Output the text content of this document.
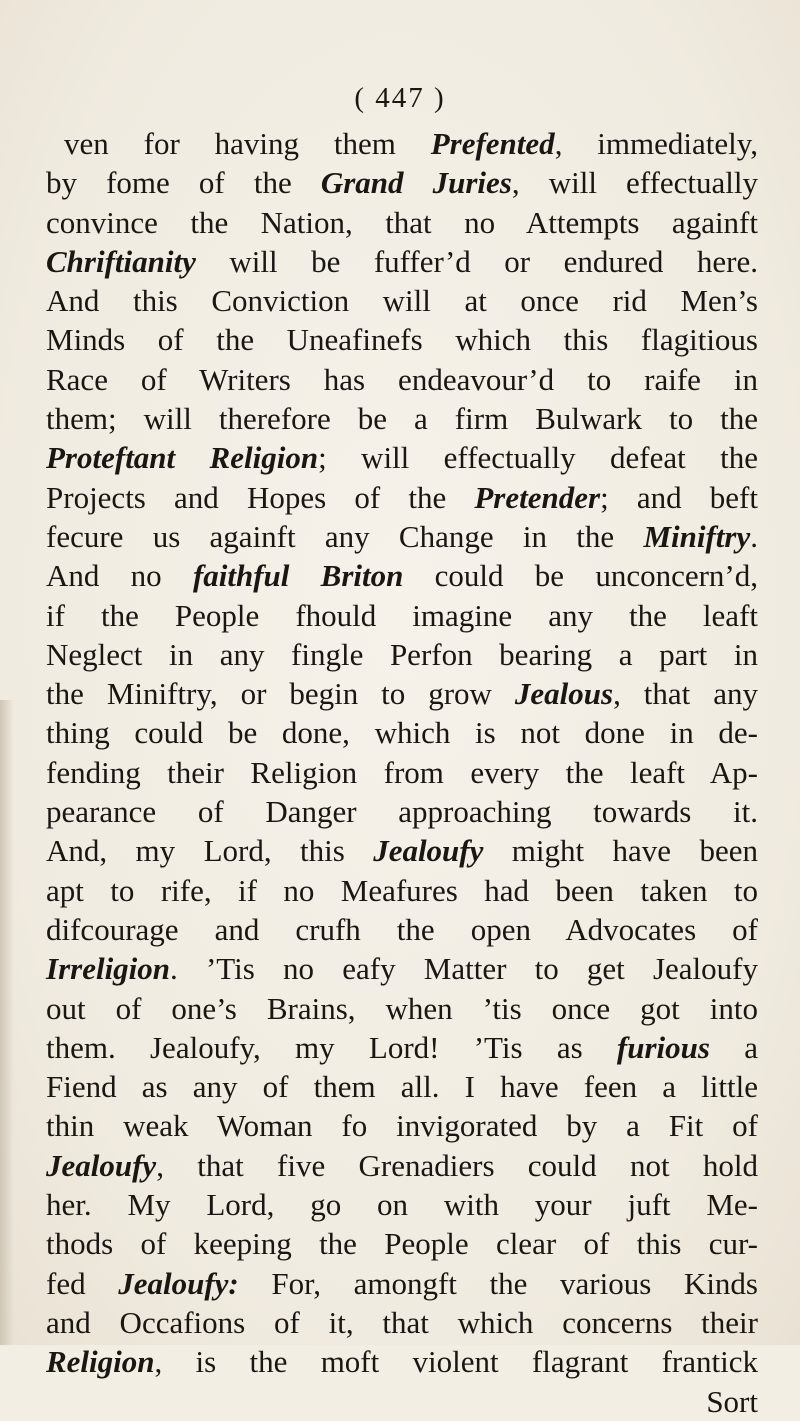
( 447 )
ven for having them Prefented, immediately,
by fome of the Grand Juries, will effectually
convince the Nation, that no Attempts againft
Chriftianity will be fuffer’d or endured here.
And this Conviction will at once rid Men’s
Minds of the Uneafinefs which this flagitious
Race of Writers has endeavour’d to raife in
them; will therefore be a firm Bulwark to the
Proteftant Religion; will effectually defeat the
Projects and Hopes of the Pretender; and beft
fecure us againft any Change in the Miniftry.
And no faithful Briton could be unconcern’d,
if the People fhould imagine any the leaft
Neglect in any fingle Perfon bearing a part in
the Miniftry, or begin to grow Jealous, that any
thing could be done, which is not done in de-
fending their Religion from every the leaft Ap-
pearance of Danger approaching towards it.
And, my Lord, this Jealoufy might have been
apt to rife, if no Meafures had been taken to
difcourage and crufh the open Advocates of
Irreligion. ’Tis no eafy Matter to get Jealoufy
out of one’s Brains, when ’tis once got into
them. Jealoufy, my Lord! ’Tis as furious a
Fiend as any of them all. I have feen a little
thin weak Woman fo invigorated by a Fit of
Jealoufy, that five Grenadiers could not hold
her. My Lord, go on with your juft Me-
thods of keeping the People clear of this cur-
fed Jealoufy: For, amongft the various Kinds
and Occafions of it, that which concerns their
Religion, is the moft violent flagrant frantick
Sort
